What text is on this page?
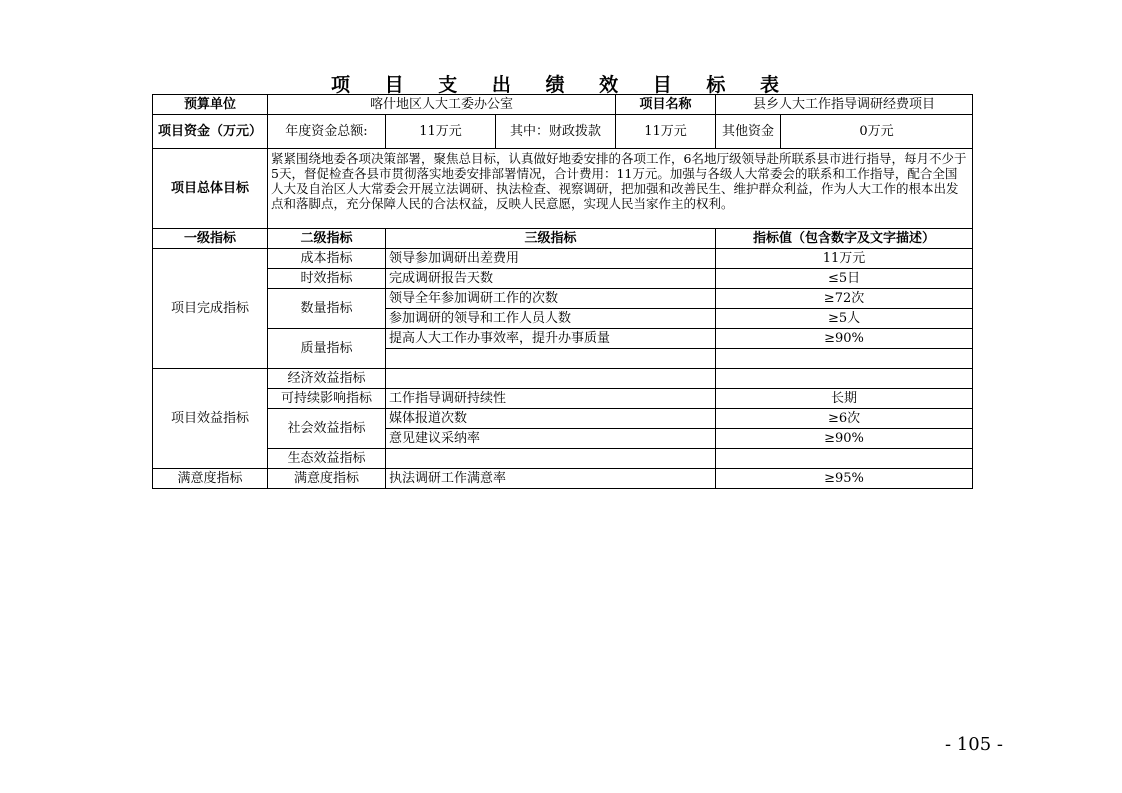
项 目 支 出 绩 效 目 标 表
预算单位	喀什地区人大工委办公室			项目名称	县乡人大工作指导调研经费项目	
项目资金（万元）	年度资金总额:	11万元	其中：财政拨款	11万元	其他资金	0万元
项目总体目标	紧紧围绕地委各项决策部署，聚焦总目标，认真做好地委安排的各项工作，6名地厅级领导赴所联系县市进行指导，每月不少于5天，督促检查各县市贯彻落实地委安排部署情况，合计费用：11万元。加强与各级人大常委会的联系和工作指导，配合全国人大及自治区人大常委会开展立法调研、执法检查、视察调研，把加强和改善民生、维护群众利益，作为人大工作的根本出发点和落脚点，充分保障人民的合法权益，反映人民意愿，实现人民当家作主的权利。					
一级指标	二级指标	三级指标			指标值（包含数字及文字描述）	
项目完成指标	成本指标	领导参加调研出差费用			11万元	
	时效指标	完成调研报告天数			≤5日	
	数量指标	领导全年参加调研工作的次数			≥72次	
		参加调研的领导和工作人员人数			≥5人	
	质量指标	提高人大工作办事效率，提升办事质量			≥90%	

项目效益指标	经济效益指标					
	可持续影响指标	工作指导调研持续性			长期	
	社会效益指标	媒体报道次数			≥6次	
		意见建议采纳率			≥90%	
	生态效益指标					
满意度指标	满意度指标	执法调研工作满意率			≥95%	
- 105 -
